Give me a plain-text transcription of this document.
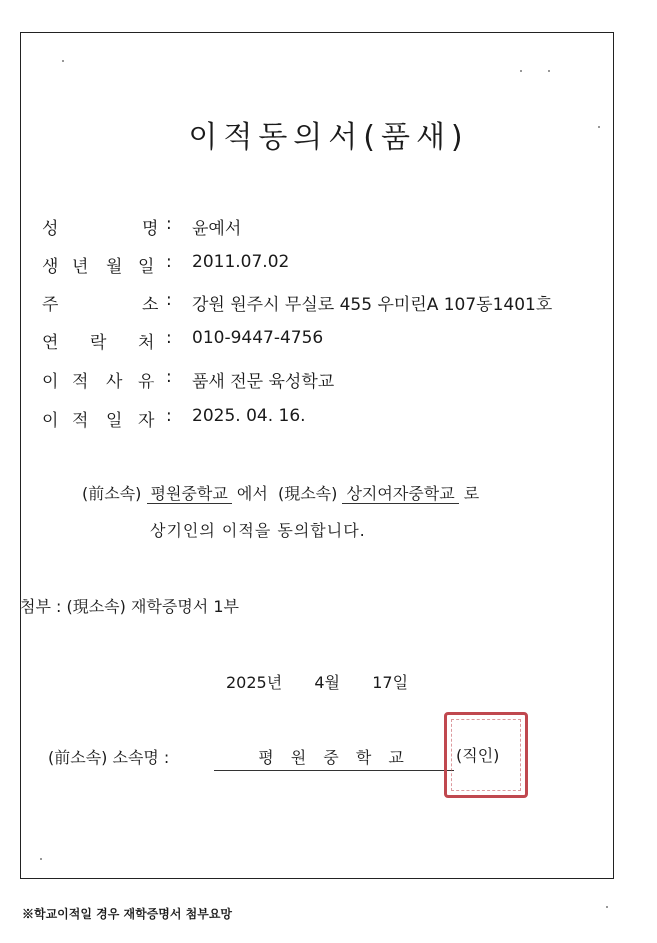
이적동의서(품새)
성	명 : 윤예서
생 년 월 일 : 2011.07.02
주	소 : 강원 원주시 무실로 455 우미린A 107동1401호
연 락 처 : 010-9447-4756
이 적 사 유 : 품새 전문 육성학교
이 적 일 자 : 2025. 04. 16.
(前소속) 평원중학교 에서 (現소속) 상지여자중학교 로
상기인의 이적을 동의합니다.
첨부 : (現소속) 재학증명서 1부
2025년 4월 17일
(前소속) 소속명 :	평 원 중 학 교	(직인)
※학교이적일 경우 재학증명서 첨부요망
